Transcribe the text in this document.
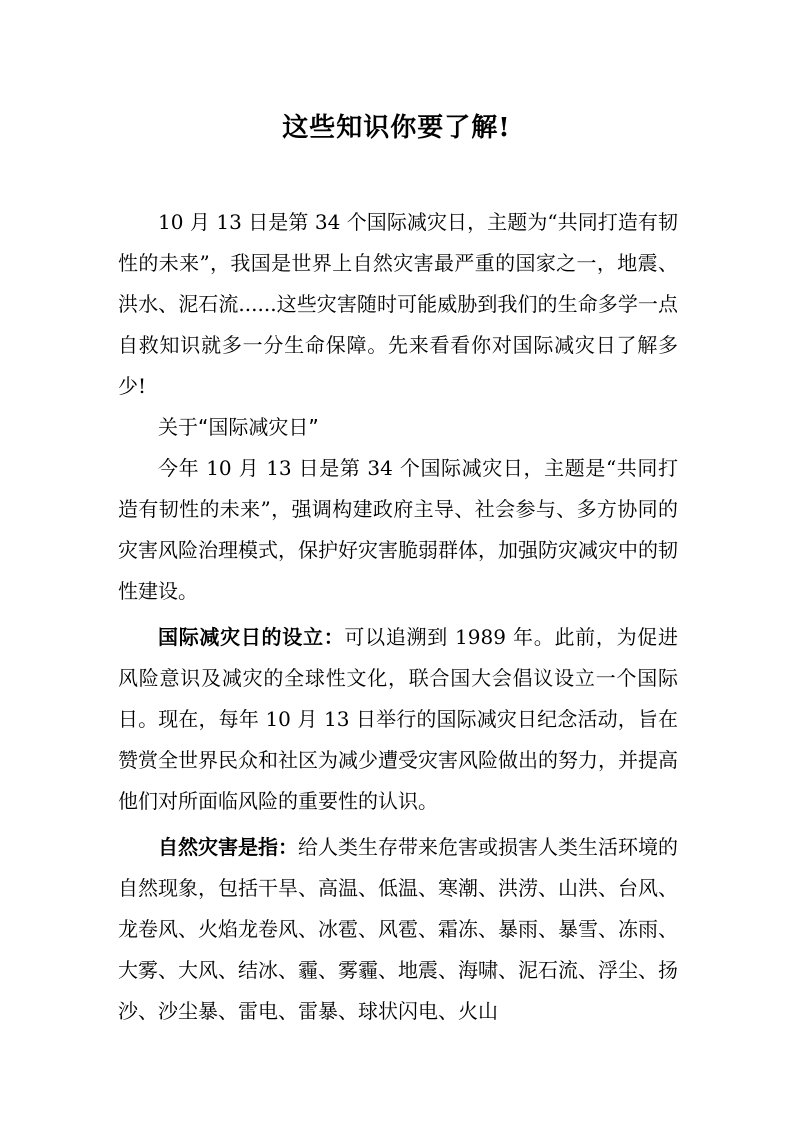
这些知识你要了解!

10 月 13 日是第 34 个国际减灾日，主题为“共同打造有韧性的未来”，我国是世界上自然灾害最严重的国家之一，地震、洪水、泥石流......这些灾害随时可能威胁到我们的生命多学一点自救知识就多一分生命保障。先来看看你对国际减灾日了解多少!

关于“国际减灾日”

今年 10 月 13 日是第 34 个国际减灾日，主题是“共同打造有韧性的未来”，强调构建政府主导、社会参与、多方协同的灾害风险治理模式，保护好灾害脆弱群体，加强防灾减灾中的韧性建设。

国际减灾日的设立：可以追溯到 1989 年。此前，为促进风险意识及减灾的全球性文化，联合国大会倡议设立一个国际日。现在，每年 10 月 13 日举行的国际减灾日纪念活动，旨在赞赏全世界民众和社区为减少遭受灾害风险做出的努力，并提高他们对所面临风险的重要性的认识。

自然灾害是指：给人类生存带来危害或损害人类生活环境的自然现象，包括干旱、高温、低温、寒潮、洪涝、山洪、台风、龙卷风、火焰龙卷风、冰雹、风雹、霜冻、暴雨、暴雪、冻雨、大雾、大风、结冰、霾、雾霾、地震、海啸、泥石流、浮尘、扬沙、沙尘暴、雷电、雷暴、球状闪电、火山
